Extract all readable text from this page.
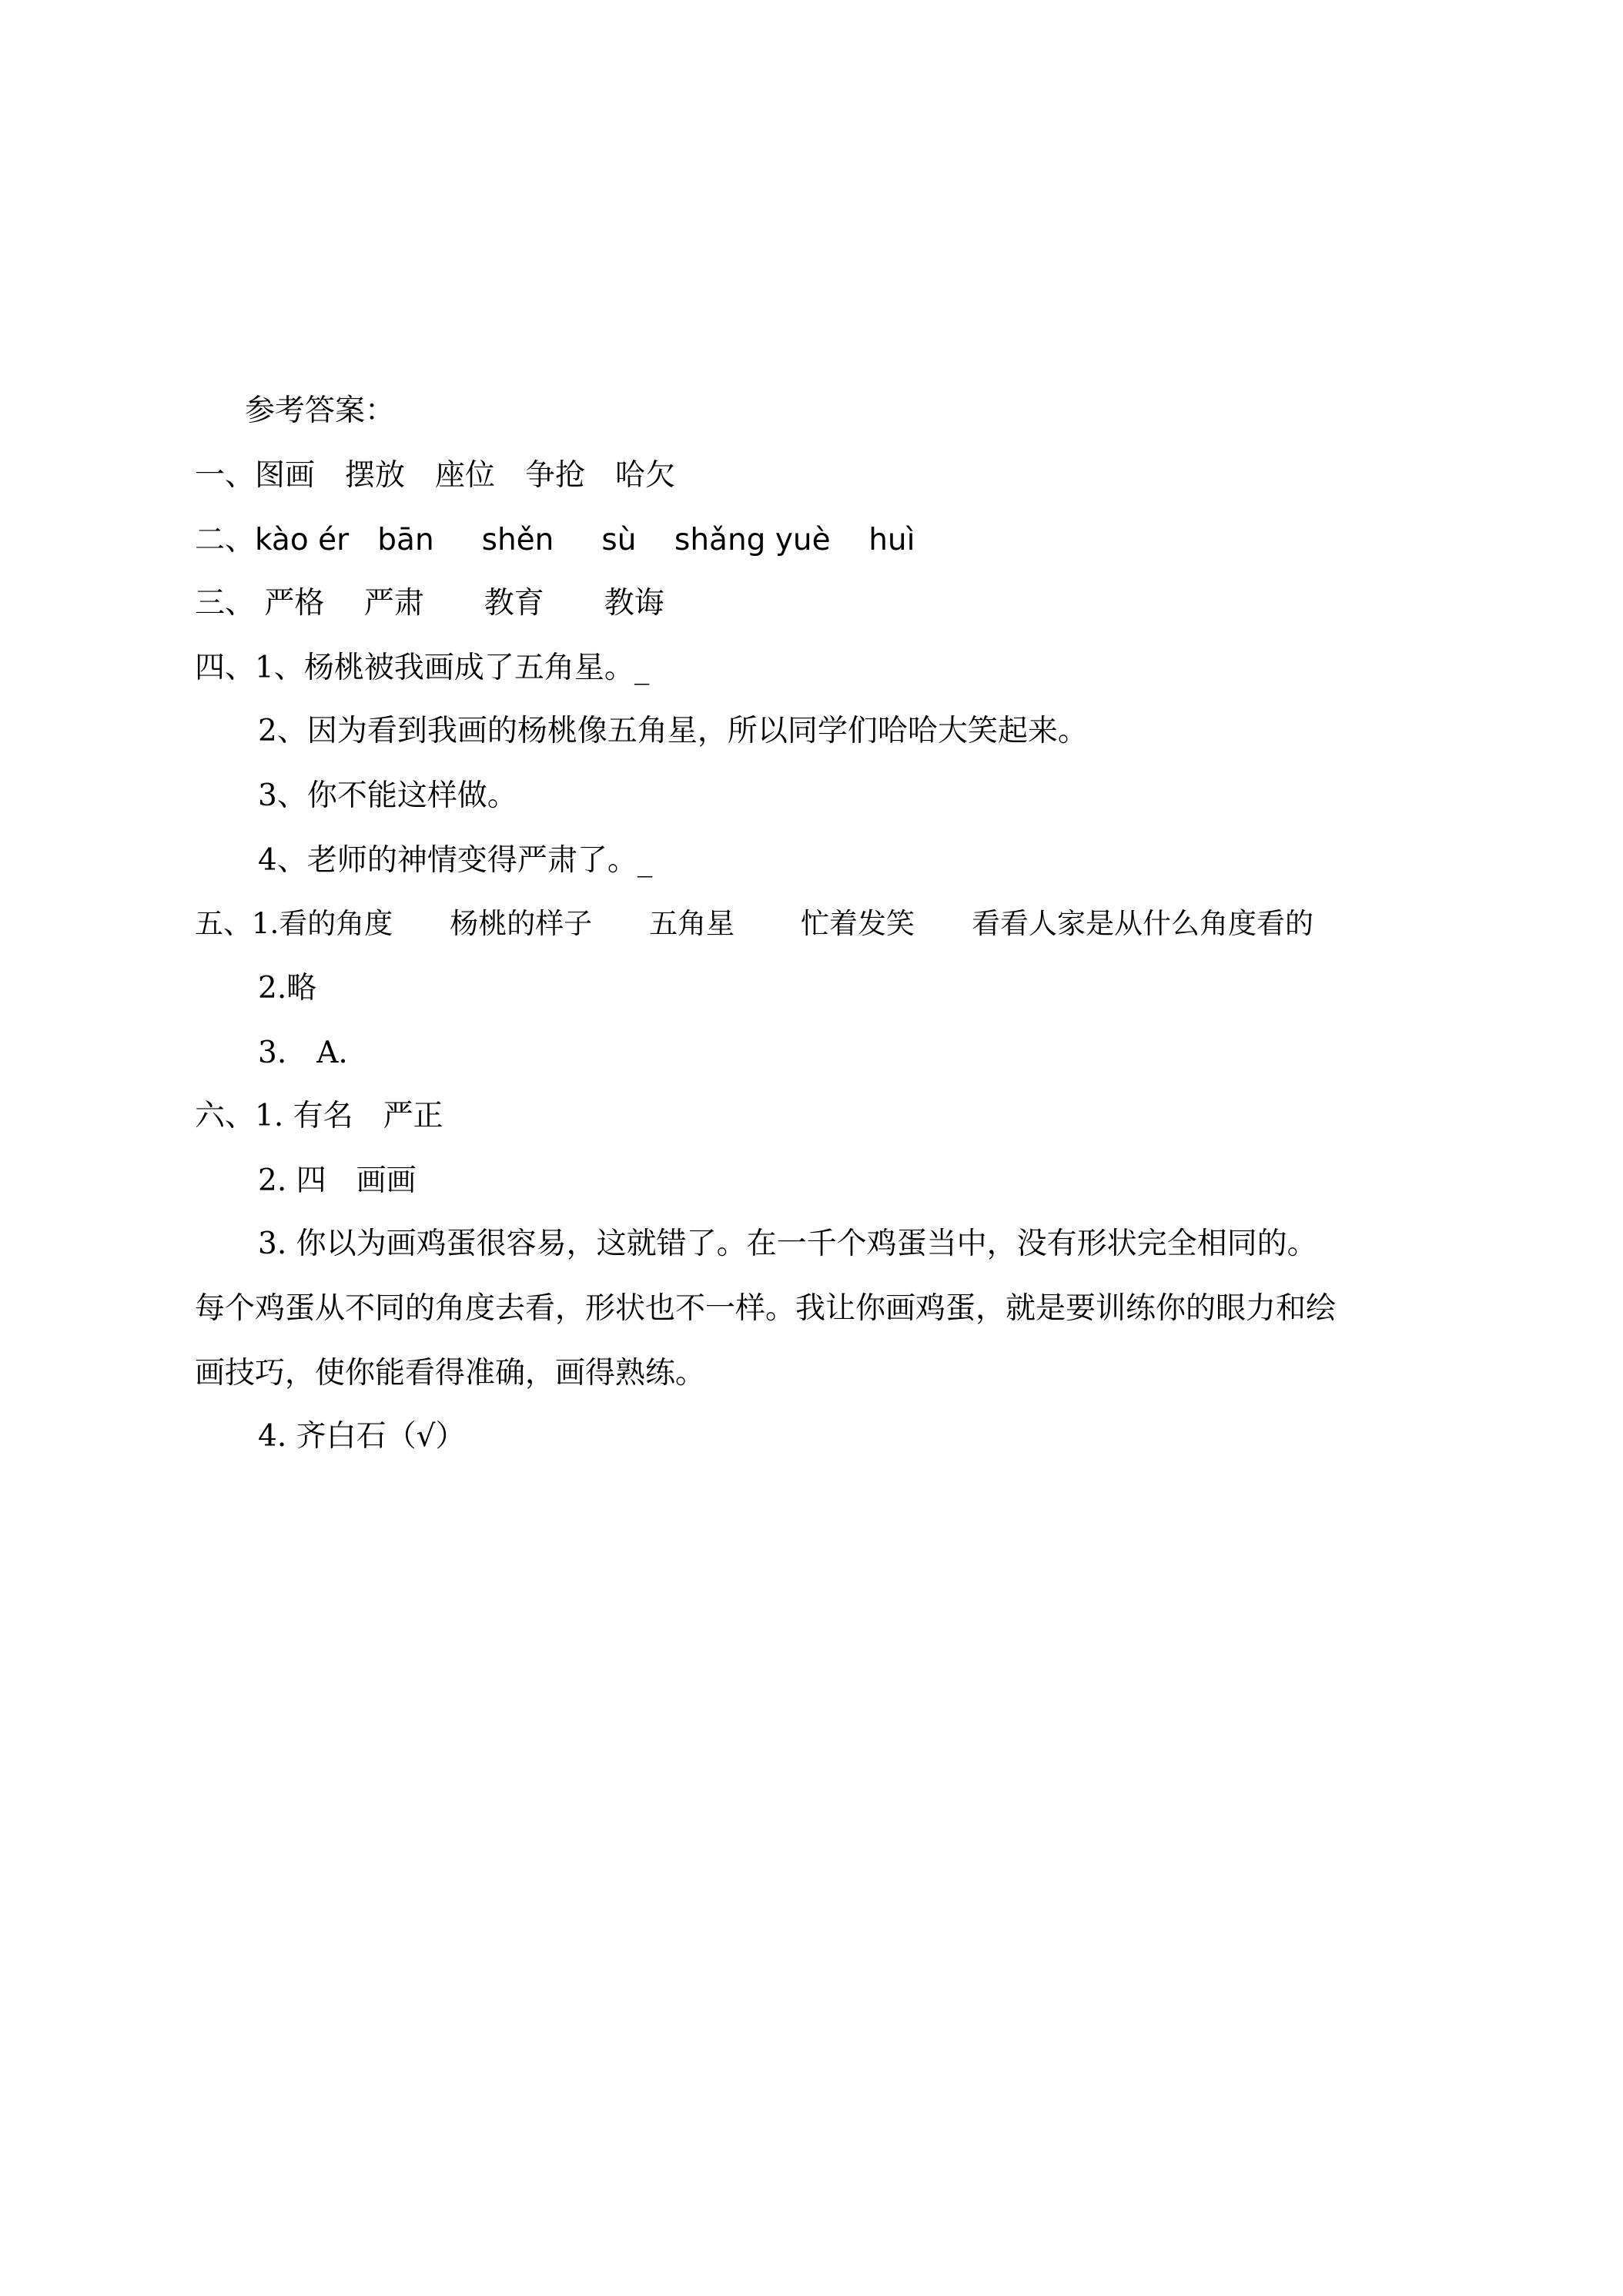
参考答案：

一、图画　摆放　座位　争抢　哈欠

二、kào ér   bān     shěn     sù    shǎng yuè    huì

三、 严格　 严肃　　教育　　教诲

四、1、杨桃被我画成了五角星。_

2、因为看到我画的杨桃像五角星，所以同学们哈哈大笑起来。

3、你不能这样做。

4、老师的神情变得严肃了。_

五、1.看的角度　　杨桃的样子　　五角星　　 忙着发笑　　看看人家是从什么角度看的

2.略

3.　A.

六、1. 有名　严正

2. 四　画画

3. 你以为画鸡蛋很容易，这就错了。在一千个鸡蛋当中，没有形状完全相同的。

每个鸡蛋从不同的角度去看，形状也不一样。我让你画鸡蛋，就是要训练你的眼力和绘

画技巧，使你能看得准确，画得熟练。

4. 齐白石（√）
